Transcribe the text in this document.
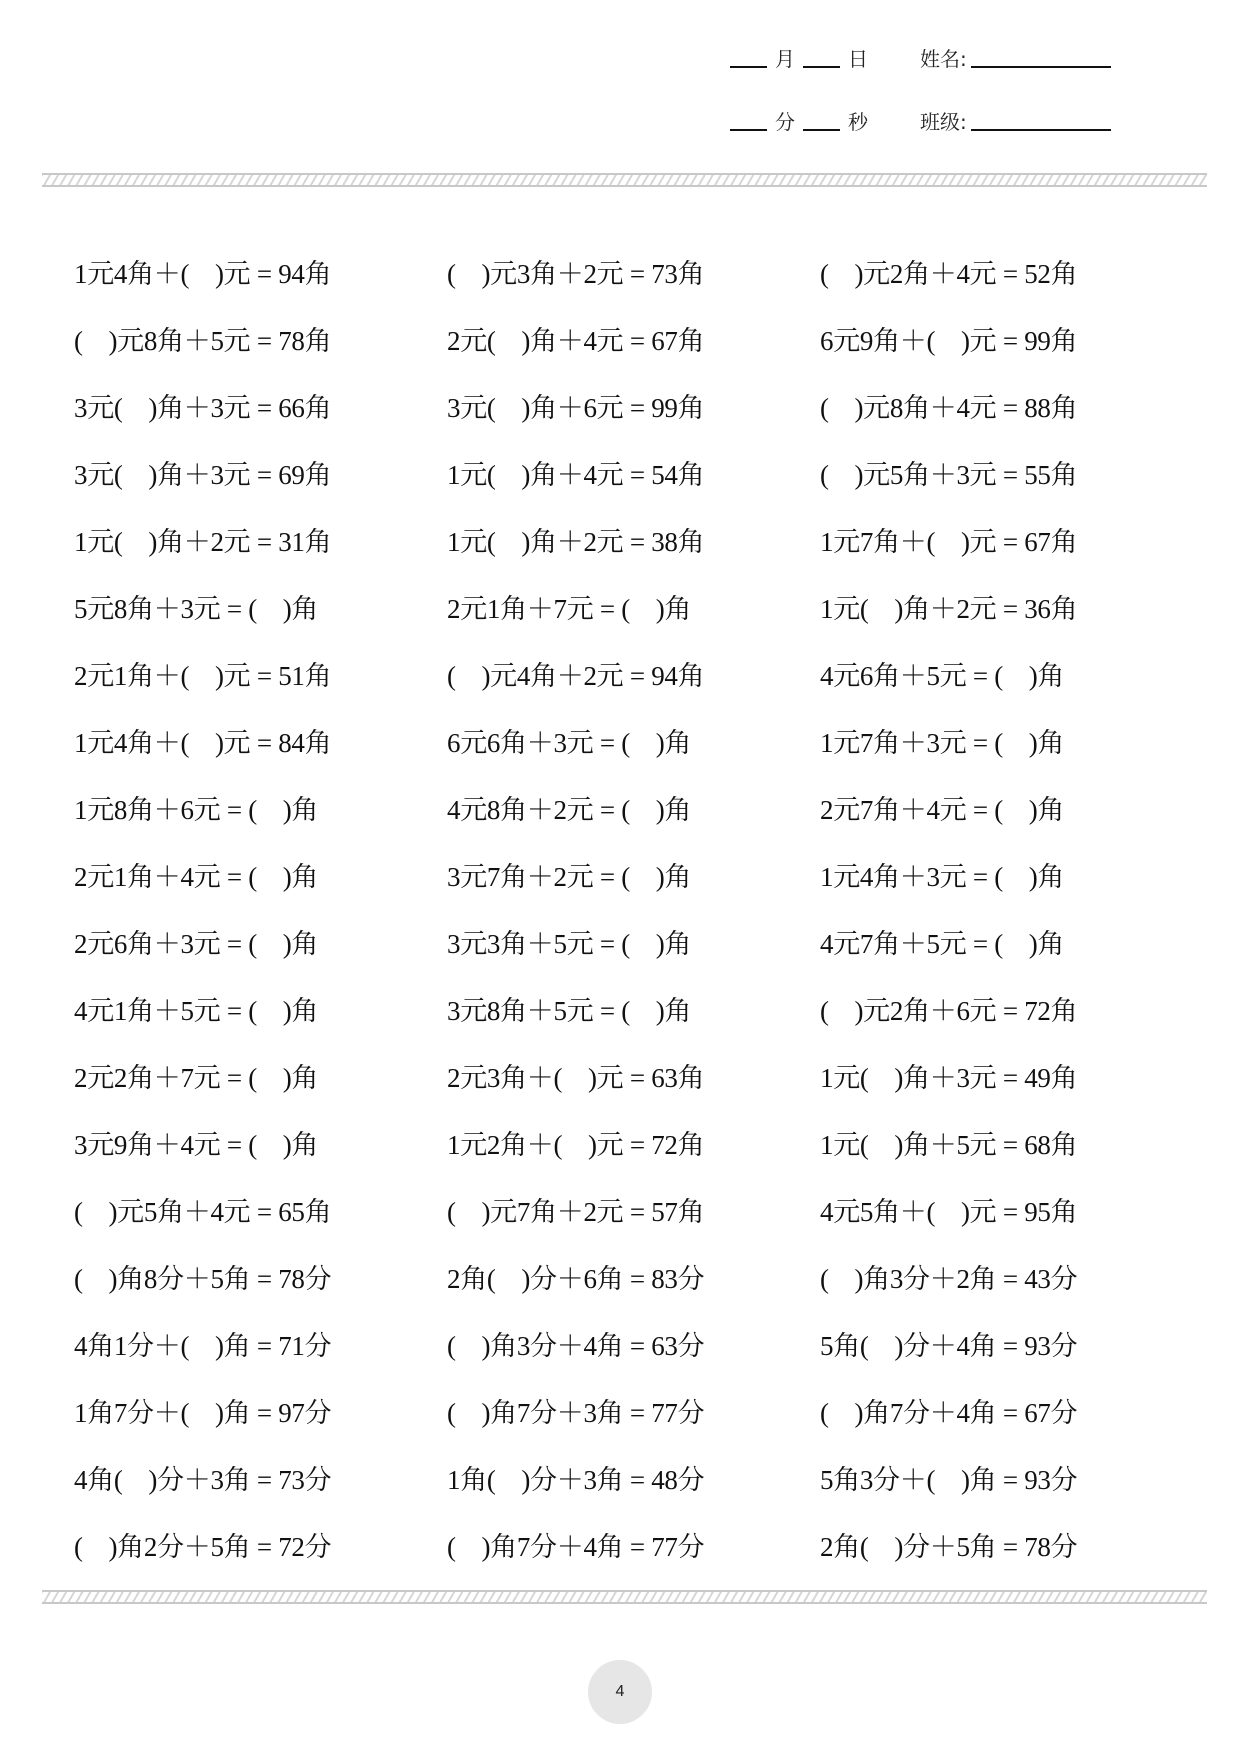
月	日	姓名:
分	秒	班级:
1元4角＋(    )元 = 94角	(    )元3角＋2元 = 73角	(    )元2角＋4元 = 52角
(    )元8角＋5元 = 78角	2元(    )角＋4元 = 67角	6元9角＋(    )元 = 99角
3元(    )角＋3元 = 66角	3元(    )角＋6元 = 99角	(    )元8角＋4元 = 88角
3元(    )角＋3元 = 69角	1元(    )角＋4元 = 54角	(    )元5角＋3元 = 55角
1元(    )角＋2元 = 31角	1元(    )角＋2元 = 38角	1元7角＋(    )元 = 67角
5元8角＋3元 = (    )角	2元1角＋7元 = (    )角	1元(    )角＋2元 = 36角
2元1角＋(    )元 = 51角	(    )元4角＋2元 = 94角	4元6角＋5元 = (    )角
1元4角＋(    )元 = 84角	6元6角＋3元 = (    )角	1元7角＋3元 = (    )角
1元8角＋6元 = (    )角	4元8角＋2元 = (    )角	2元7角＋4元 = (    )角
2元1角＋4元 = (    )角	3元7角＋2元 = (    )角	1元4角＋3元 = (    )角
2元6角＋3元 = (    )角	3元3角＋5元 = (    )角	4元7角＋5元 = (    )角
4元1角＋5元 = (    )角	3元8角＋5元 = (    )角	(    )元2角＋6元 = 72角
2元2角＋7元 = (    )角	2元3角＋(    )元 = 63角	1元(    )角＋3元 = 49角
3元9角＋4元 = (    )角	1元2角＋(    )元 = 72角	1元(    )角＋5元 = 68角
(    )元5角＋4元 = 65角	(    )元7角＋2元 = 57角	4元5角＋(    )元 = 95角
(    )角8分＋5角 = 78分	2角(    )分＋6角 = 83分	(    )角3分＋2角 = 43分
4角1分＋(    )角 = 71分	(    )角3分＋4角 = 63分	5角(    )分＋4角 = 93分
1角7分＋(    )角 = 97分	(    )角7分＋3角 = 77分	(    )角7分＋4角 = 67分
4角(    )分＋3角 = 73分	1角(    )分＋3角 = 48分	5角3分＋(    )角 = 93分
(    )角2分＋5角 = 72分	(    )角7分＋4角 = 77分	2角(    )分＋5角 = 78分
4
